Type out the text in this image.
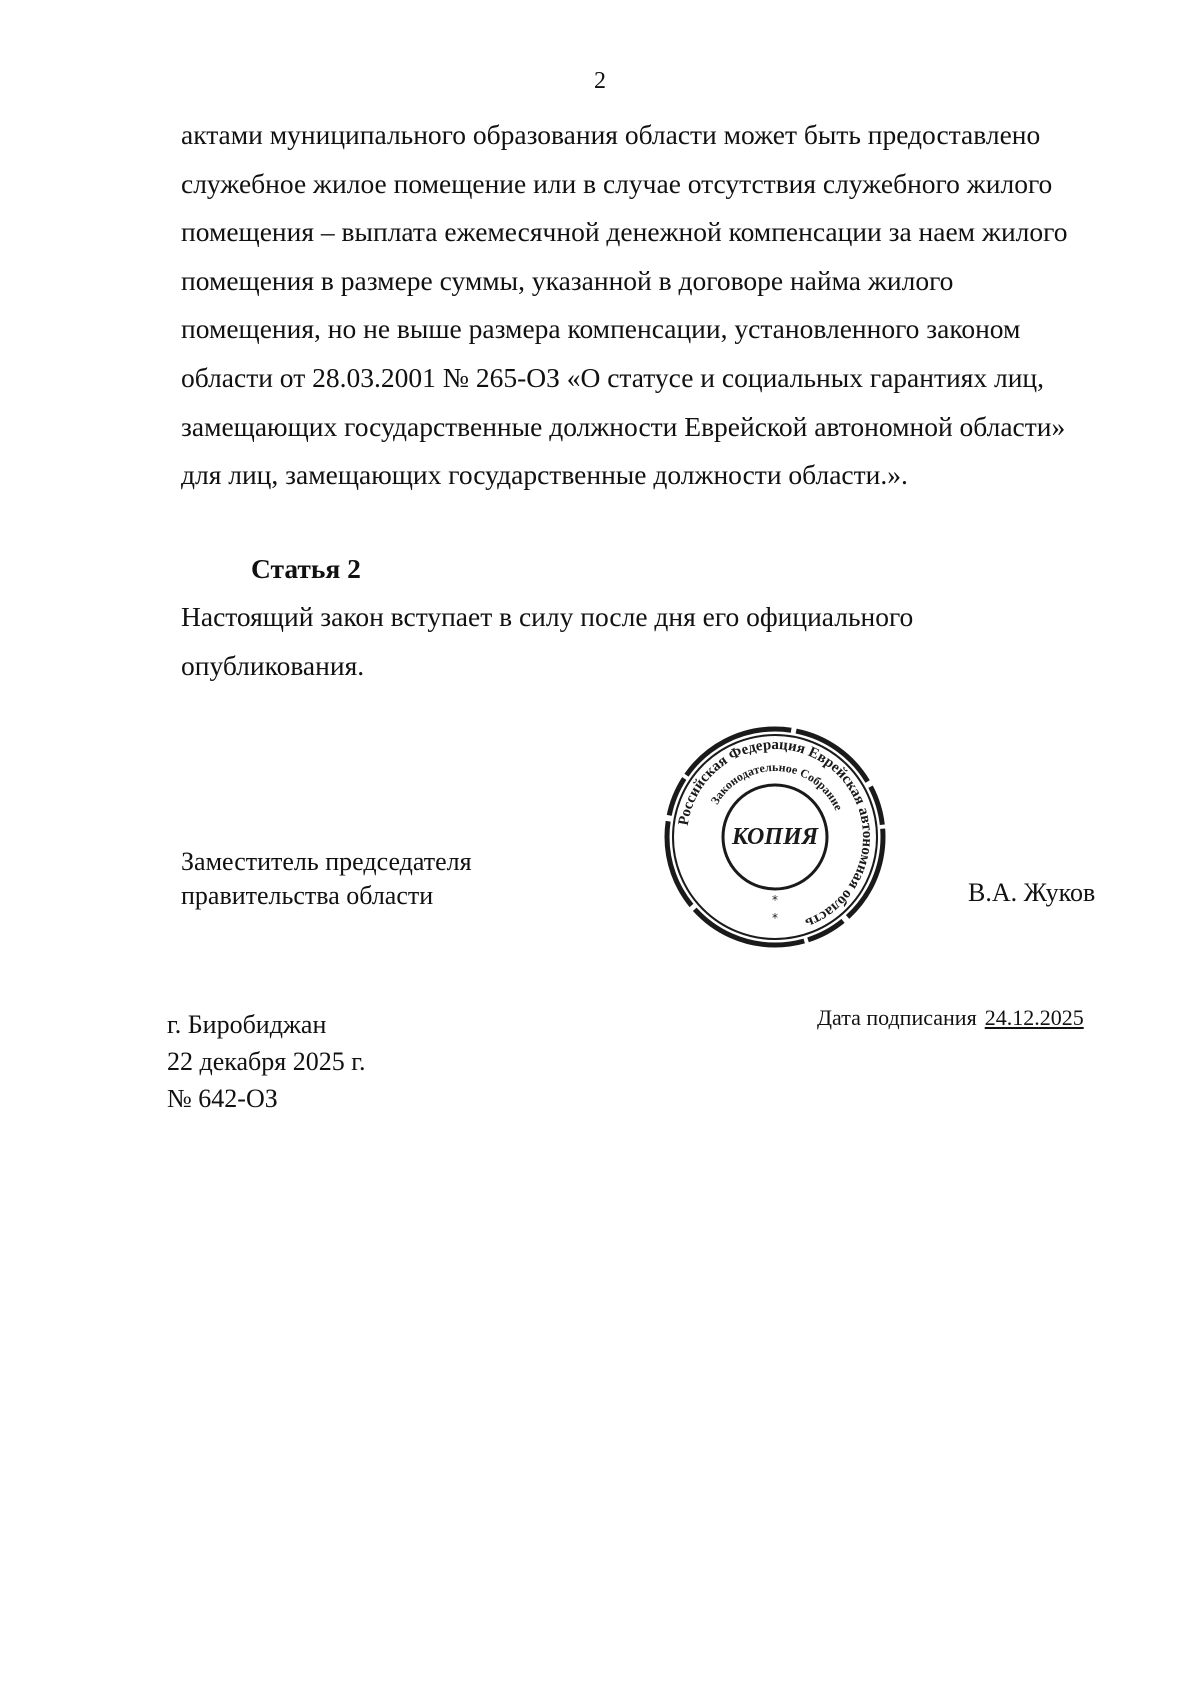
2

актами муниципального образования области может быть предоставлено
служебное жилое помещение или в случае отсутствия служебного жилого
помещения – выплата ежемесячной денежной компенсации за наем жилого
помещения в размере суммы, указанной в договоре найма жилого
помещения, но не выше размера компенсации, установленного законом
области от 28.03.2001 № 265-ОЗ «О статусе и социальных гарантиях лиц,
замещающих государственные должности Еврейской автономной области»
для лиц, замещающих государственные должности области.».

Статья 2

Настоящий закон вступает в силу после дня его официального

опубликования.

Заместитель председателя
правительства области	В.А. Жуков
Российская Федерация Еврейская автономная область
Законодательное Собрание
КОПИЯ
*
*
г. Биробиджан
22 декабря 2025 г.
№ 642-ОЗ
Дата подписания 24.12.2025
